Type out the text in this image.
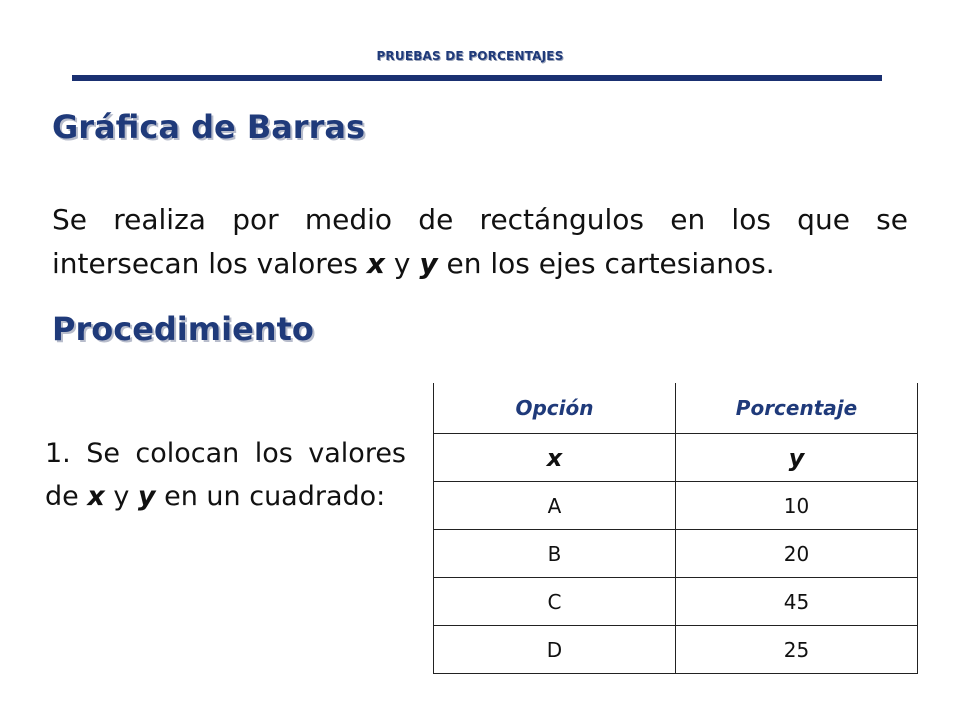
PRUEBAS DE PORCENTAJES
Gráfica de Barras

Se realiza por medio de rectángulos en los que se intersecan los valores x y y en los ejes cartesianos.

Procedimiento

1. Se colocan los valores de x y y en un cuadrado:

Opción	Porcentaje
x	y
A	10
B	20
C	45
D	25
